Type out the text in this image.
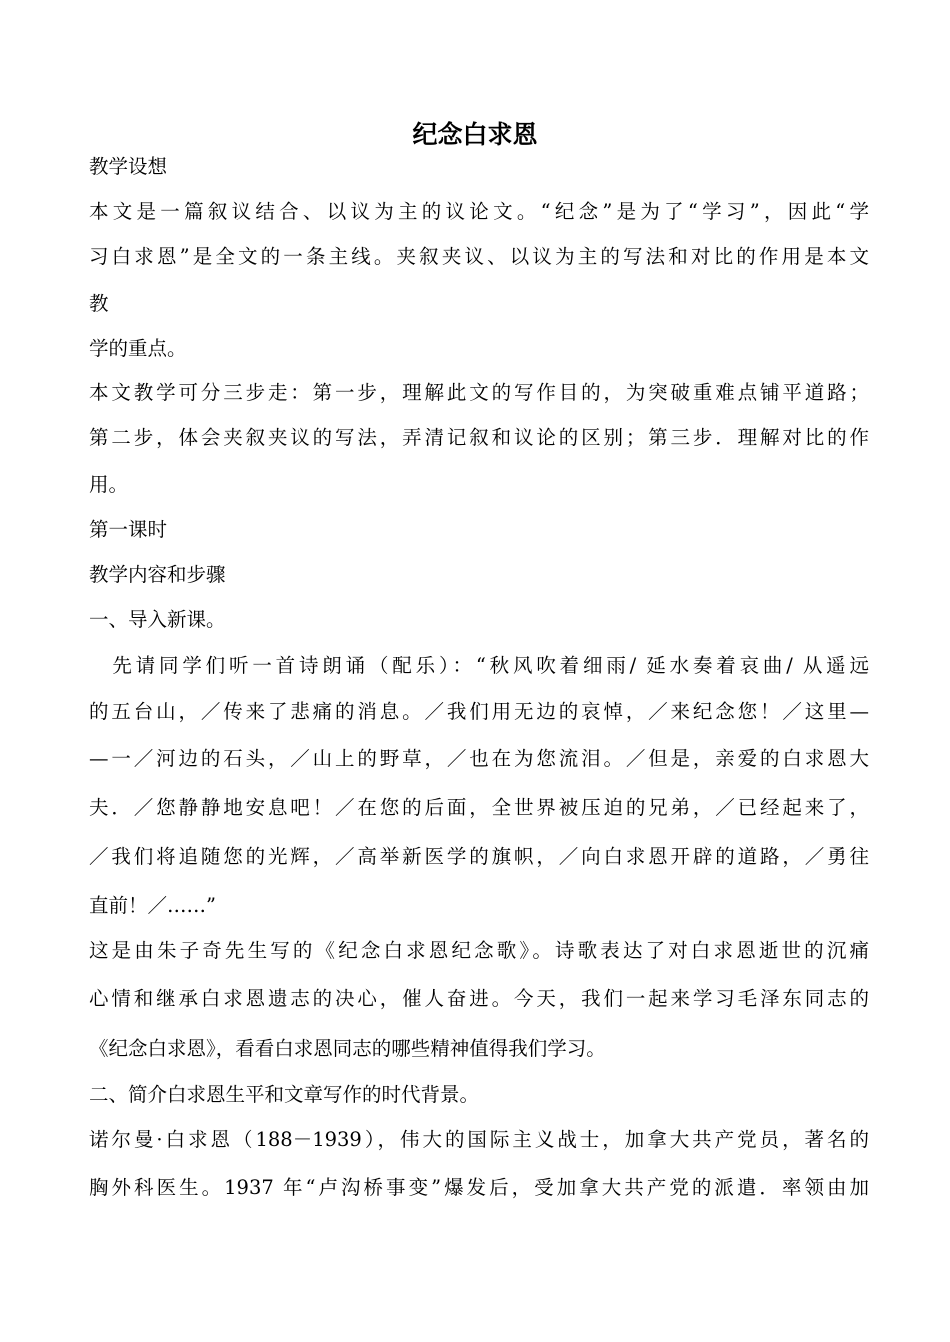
纪念白求恩
教学设想
本文是一篇叙议结合、以议为主的议论文。“纪念”是为了“学习”，因此“学
习白求恩”是全文的一条主线。夹叙夹议、以议为主的写法和对比的作用是本文
教
学的重点。
本文教学可分三步走：第一步，理解此文的写作目的，为突破重难点铺平道路；
第二步，体会夹叙夹议的写法，弄清记叙和议论的区别；第三步．理解对比的作
用。
第一课时
教学内容和步骤
一、导入新课。
　先请同学们听一首诗朗诵（配乐）：“秋风吹着细雨/ 延水奏着哀曲/ 从遥远
的五台山，／传来了悲痛的消息。／我们用无边的哀悼，／来纪念您！／这里—
—一／河边的石头，／山上的野草，／也在为您流泪。／但是，亲爱的白求恩大
夫．／您静静地安息吧！／在您的后面，全世界被压迫的兄弟，／已经起来了，
／我们将追随您的光辉，／高举新医学的旗帜，／向白求恩开辟的道路，／勇往
直前！／……”
这是由朱子奇先生写的《纪念白求恩纪念歌》。诗歌表达了对白求恩逝世的沉痛
心情和继承白求恩遗志的决心，催人奋进。今天，我们一起来学习毛泽东同志的
《纪念白求恩》，看看白求恩同志的哪些精神值得我们学习。
二、简介白求恩生平和文章写作的时代背景。
诺尔曼·白求恩（188－1939），伟大的国际主义战士，加拿大共产党员，著名的
胸外科医生。1937 年“卢沟桥事变”爆发后，受加拿大共产党的派遣．率领由加
